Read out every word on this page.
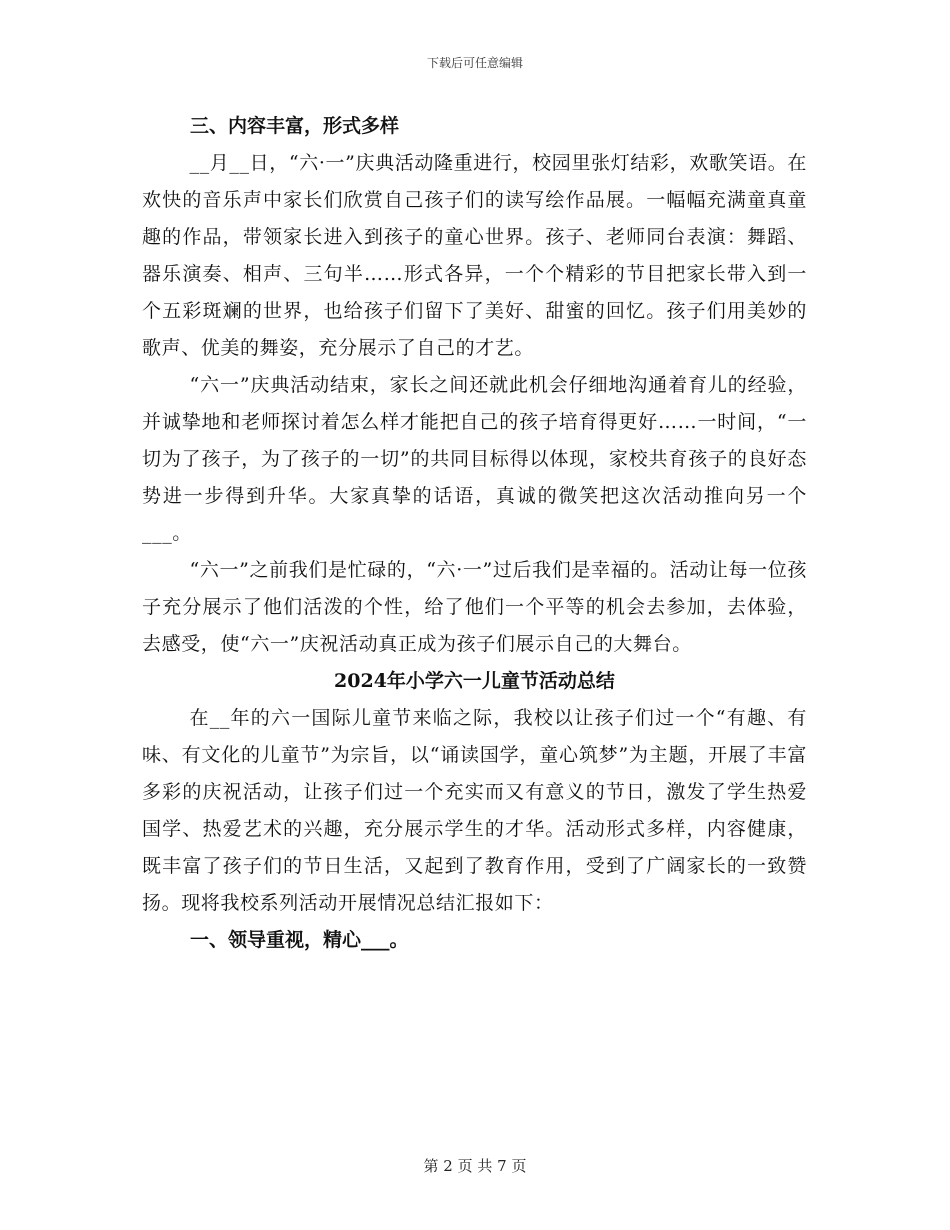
下载后可任意编辑

三、内容丰富，形式多样

__月__日，“六·一”庆典活动隆重进行，校园里张灯结彩，欢歌笑语。在欢快的音乐声中家长们欣赏自己孩子们的读写绘作品展。一幅幅充满童真童趣的作品，带领家长进入到孩子的童心世界。孩子、老师同台表演：舞蹈、器乐演奏、相声、三句半……形式各异，一个个精彩的节目把家长带入到一个五彩斑斓的世界，也给孩子们留下了美好、甜蜜的回忆。孩子们用美妙的歌声、优美的舞姿，充分展示了自己的才艺。

“六一”庆典活动结束，家长之间还就此机会仔细地沟通着育儿的经验，并诚挚地和老师探讨着怎么样才能把自己的孩子培育得更好……一时间，“一切为了孩子，为了孩子的一切”的共同目标得以体现，家校共育孩子的良好态势进一步得到升华。大家真挚的话语，真诚的微笑把这次活动推向另一个___。

“六一”之前我们是忙碌的，“六·一”过后我们是幸福的。活动让每一位孩子充分展示了他们活泼的个性，给了他们一个平等的机会去参加，去体验，去感受，使“六一”庆祝活动真正成为孩子们展示自己的大舞台。

2024年小学六一儿童节活动总结

在__年的六一国际儿童节来临之际，我校以让孩子们过一个“有趣、有味、有文化的儿童节”为宗旨，以“诵读国学，童心筑梦”为主题，开展了丰富多彩的庆祝活动，让孩子们过一个充实而又有意义的节日，激发了学生热爱国学、热爱艺术的兴趣，充分展示学生的才华。活动形式多样，内容健康，既丰富了孩子们的节日生活，又起到了教育作用，受到了广阔家长的一致赞扬。现将我校系列活动开展情况总结汇报如下：

一、领导重视，精心___。

第 2 页 共 7 页
